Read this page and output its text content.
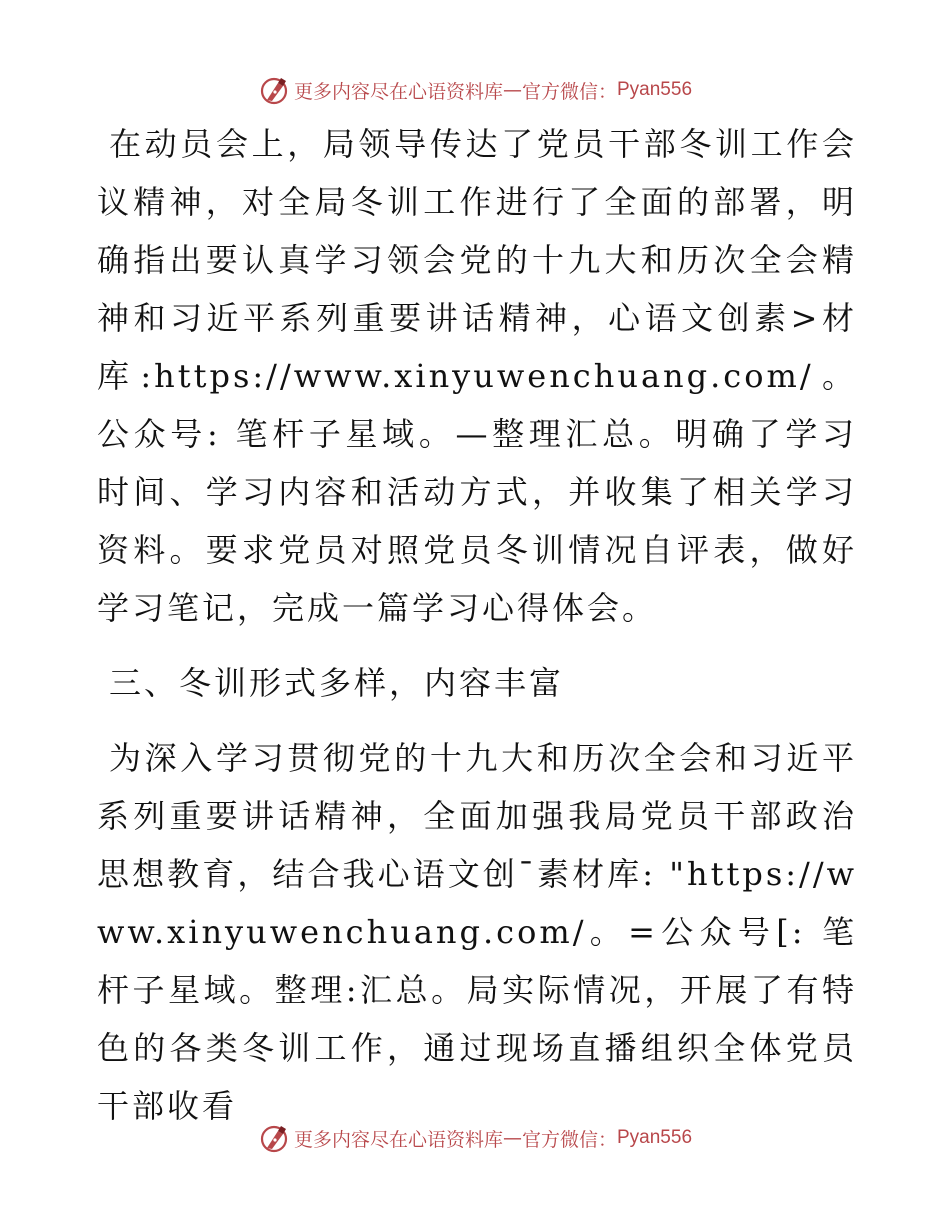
更多内容尽在心语资料库 — 官方微信： Pyan556

在动员会上，局领导传达了党员干部冬训工作会议精神，对全局冬训工作进行了全面的部署，明确指出要认真学习领会党的十九大和历次全会精神和习近平系列重要讲话精神，心语文创素>材库:https://www.xinyuwenchuang.com/。公众号: 笔杆子星域。—整理汇总。明确了学习时间、学习内容和活动方式，并收集了相关学习资料。要求党员对照党员冬训情况自评表，做好学习笔记，完成一篇学习心得体会。

三、冬训形式多样，内容丰富

为深入学习贯彻党的十九大和历次全会和习近平系列重要讲话精神，全面加强我局党员干部政治思想教育，结合我心语文创¯素材库: "https://www.xinyuwenchuang.com/。=公众号[: 笔杆子星域。整理:汇总。局实际情况，开展了有特色的各类冬训工作，通过现场直播组织全体党员干部收看

更多内容尽在心语资料库 — 官方微信： Pyan556
